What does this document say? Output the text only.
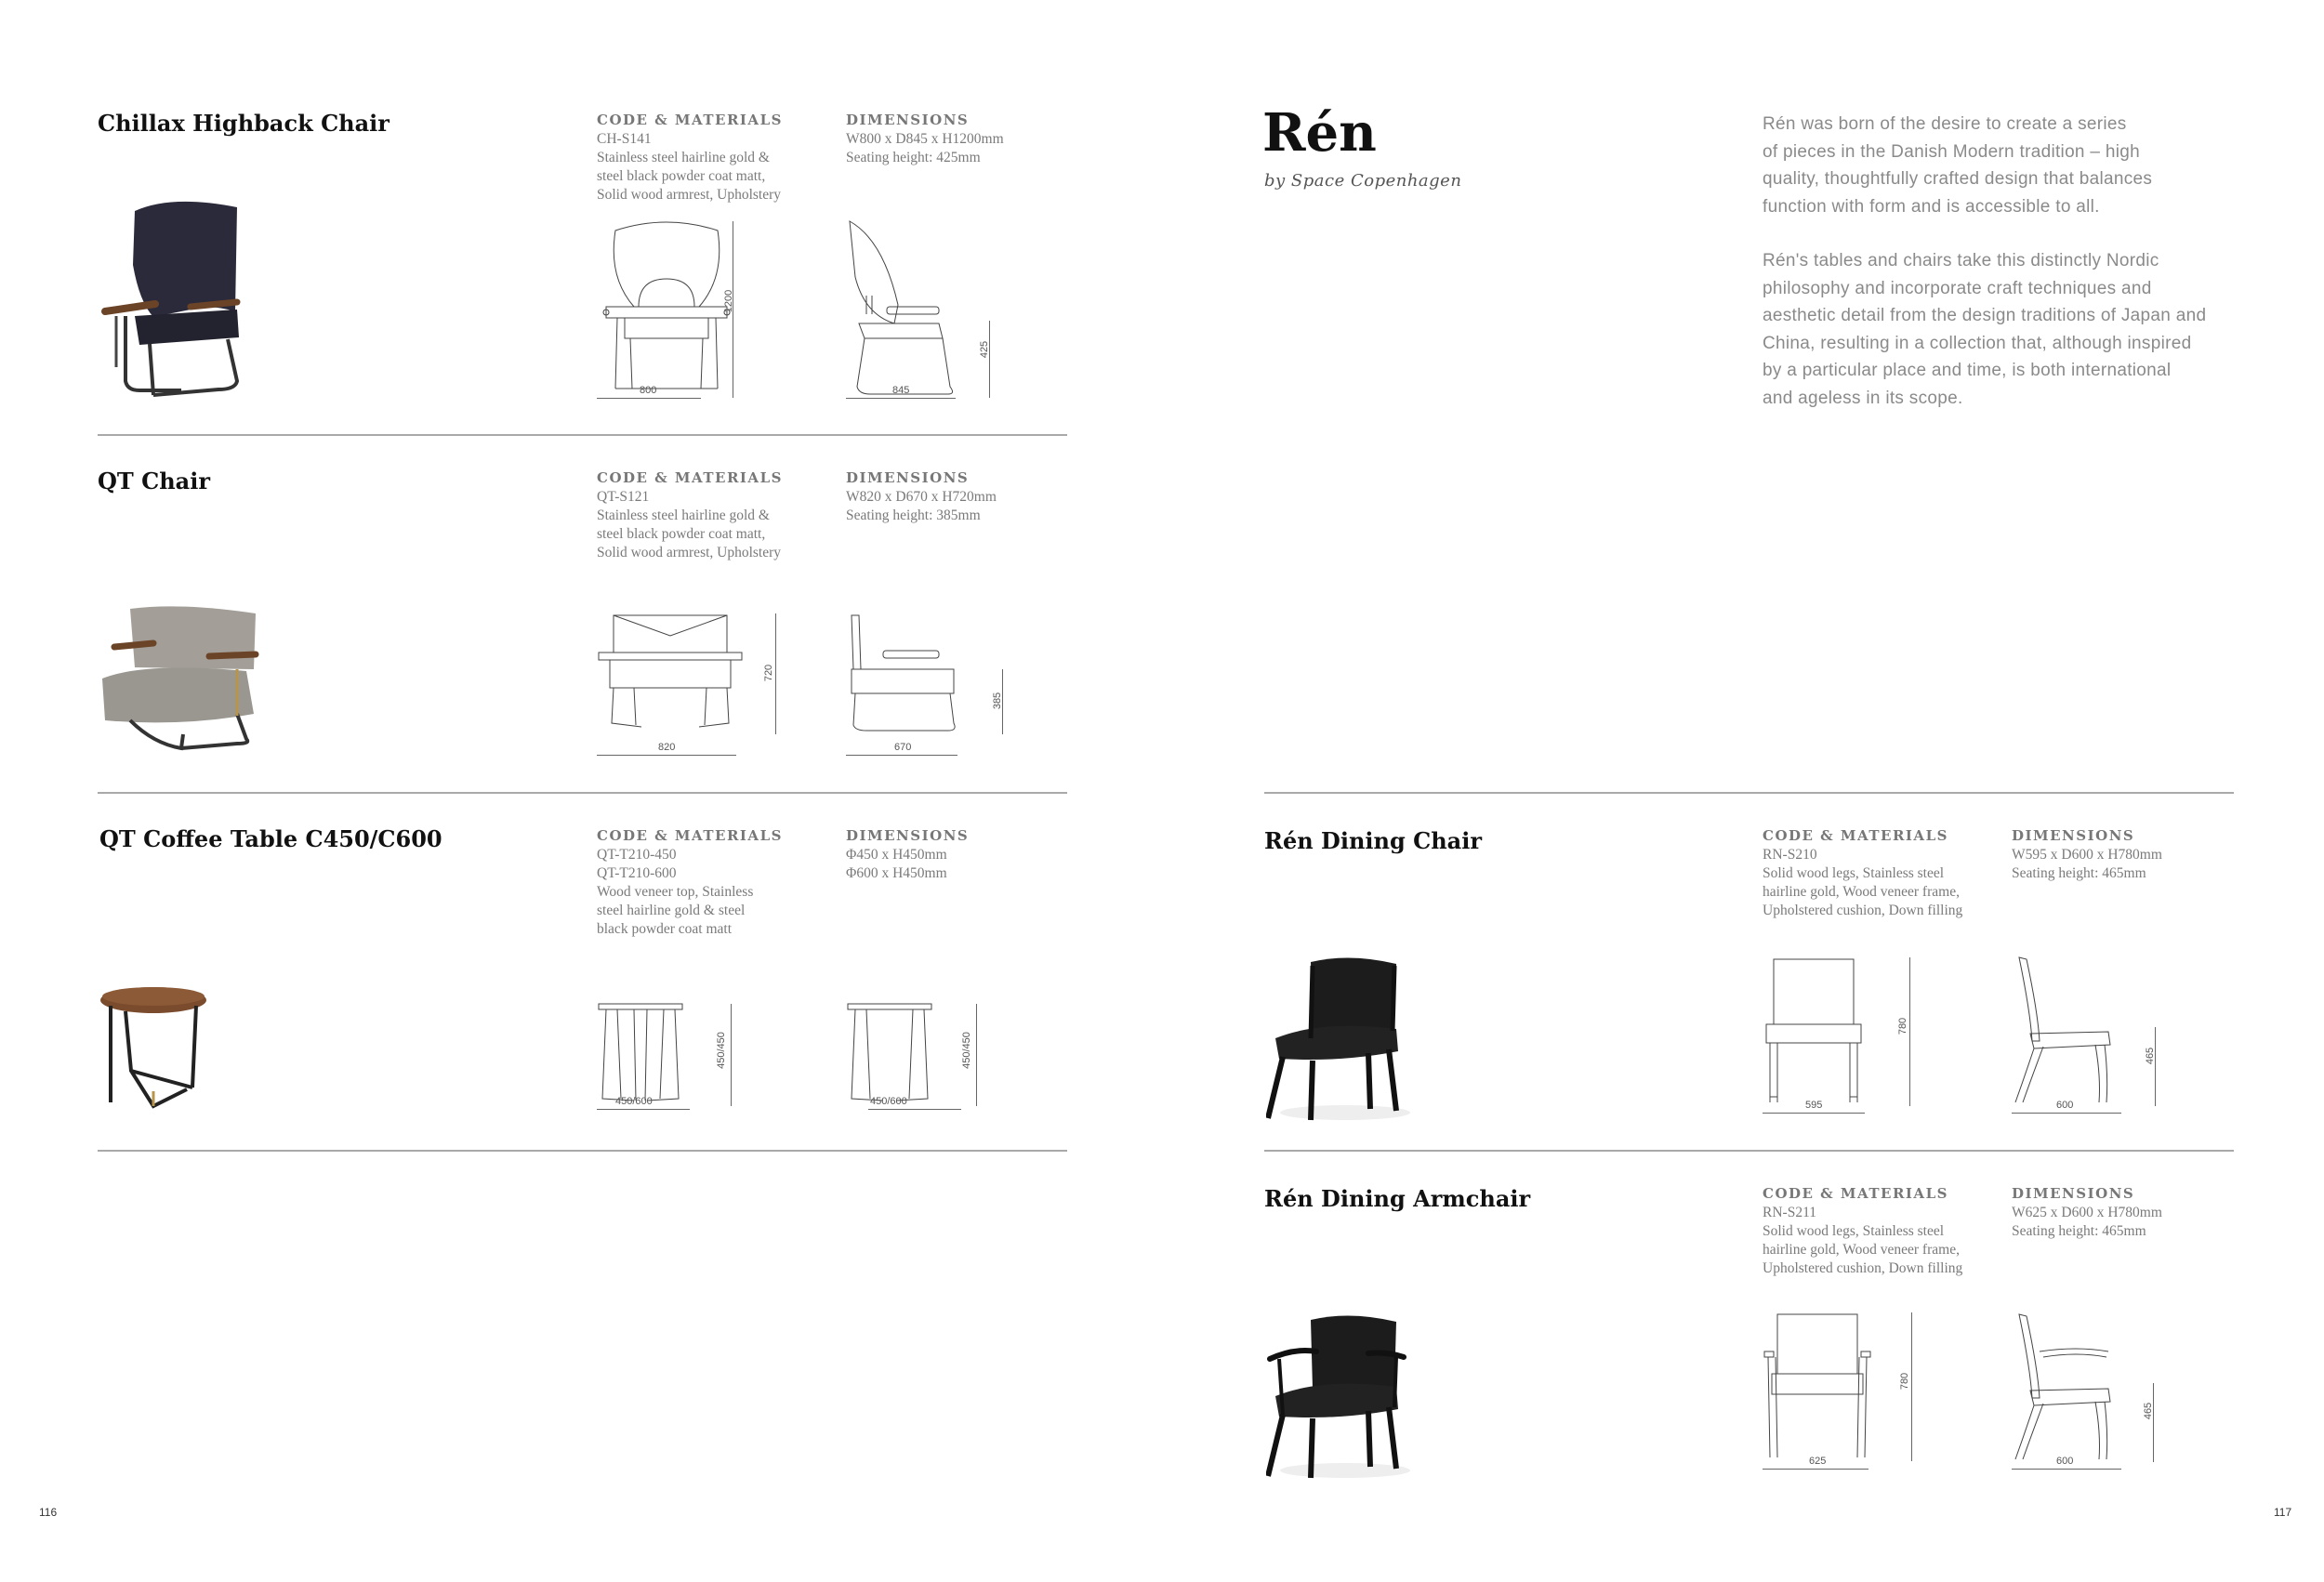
Chillax Highback Chair	CODE & MATERIALS
CH-S141
Stainless steel hairline gold &
steel black powder coat matt,
Solid wood armrest, Upholstery
DIMENSIONS
W800 x D845 x H1200mm
Seating height: 425mm
800
1200
845
425
QT Chair	CODE & MATERIALS
QT-S121
Stainless steel hairline gold &
steel black powder coat matt,
Solid wood armrest, Upholstery
DIMENSIONS
W820 x D670 x H720mm
Seating height: 385mm
820
720
670
385
QT Coffee Table C450/C600	CODE & MATERIALS
QT-T210-450
QT-T210-600
Wood veneer top, Stainless
steel hairline gold & steel
black powder coat matt
DIMENSIONS
Φ450 x H450mm
Φ600 x H450mm
450/600
450/450
450/600
450/450
116
Rén
by Space Copenhagen
Rén was born of the desire to create a series
of pieces in the Danish Modern tradition – high
quality, thoughtfully crafted design that balances
function with form and is accessible to all.
Rén's tables and chairs take this distinctly Nordic
philosophy and incorporate craft techniques and
aesthetic detail from the design traditions of Japan and
China, resulting in a collection that, although inspired
by a particular place and time, is both international
and ageless in its scope.
Rén Dining Chair	CODE & MATERIALS
RN-S210
Solid wood legs, Stainless steel
hairline gold, Wood veneer frame,
Upholstered cushion, Down filling
DIMENSIONS
W595 x D600 x H780mm
Seating height: 465mm
595
780
600
465
Rén Dining Armchair	CODE & MATERIALS
RN-S211
Solid wood legs, Stainless steel
hairline gold, Wood veneer frame,
Upholstered cushion, Down filling
DIMENSIONS
W625 x D600 x H780mm
Seating height: 465mm
625
780
600
465
117
